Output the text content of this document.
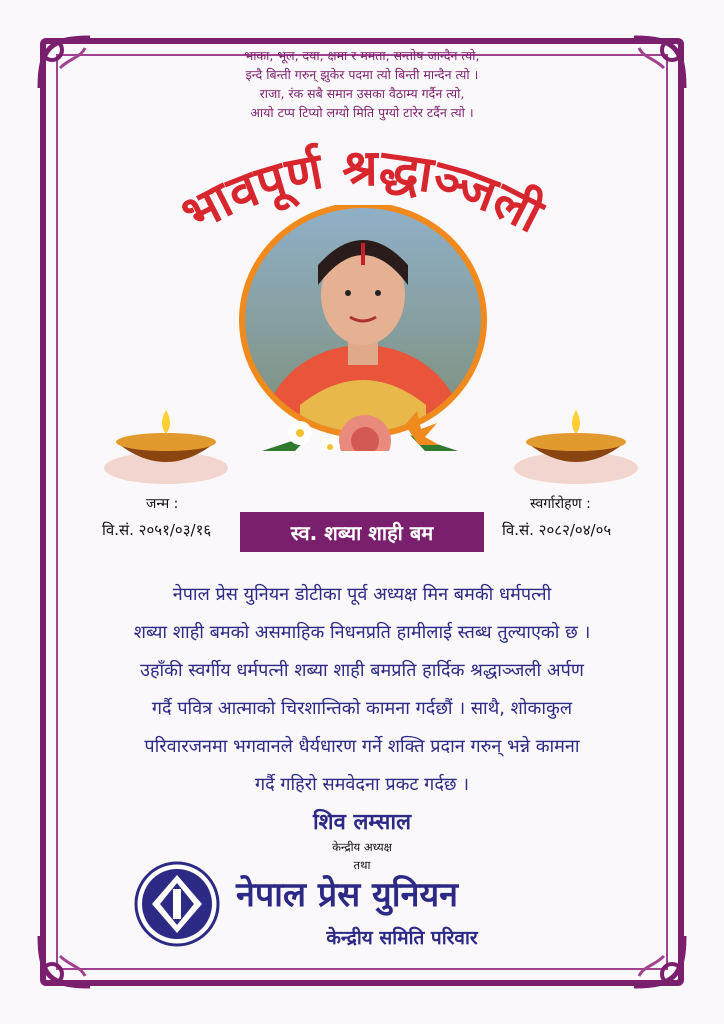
भाका, भूल, दया, क्षमा र ममता, सन्तोष जान्दैन त्यो,
इन्दै बिन्ती गरुन् झुकेर पदमा त्यो बिन्ती मान्दैन त्यो ।
राजा, रंक सबै समान उसका वैठाम्य गर्दैन त्यो,
आयो टप्प टिप्यो लग्यो मिति पुग्यो टारेर टर्दैन त्यो ।
भावपूर्ण श्रद्धाञ्जली
जन्म :
वि.सं. २०५१/०३/१६
स्वर्गारोहण :
वि.सं. २०८२/०४/०५
स्व. शब्या शाही बम
नेपाल प्रेस युनियन डोटीका पूर्व अध्यक्ष मिन बमकी धर्मपत्नी
शब्या शाही बमको असमाहिक निधनप्रति हामीलाई स्तब्ध तुल्याएको छ ।
उहाँकी स्वर्गीय धर्मपत्नी शब्या शाही बमप्रति हार्दिक श्रद्धाञ्जली अर्पण
गर्दै पवित्र आत्माको चिरशान्तिको कामना गर्दछौं । साथै, शोकाकुल
परिवारजनमा भगवानले धैर्यधारण गर्ने शक्ति प्रदान गरुन् भन्ने कामना
गर्दै गहिरो समवेदना प्रकट गर्दछ ।
शिव लम्साल
केन्द्रीय अध्यक्ष
तथा
नेपाल प्रेस युनियन
केन्द्रीय समिति परिवार
